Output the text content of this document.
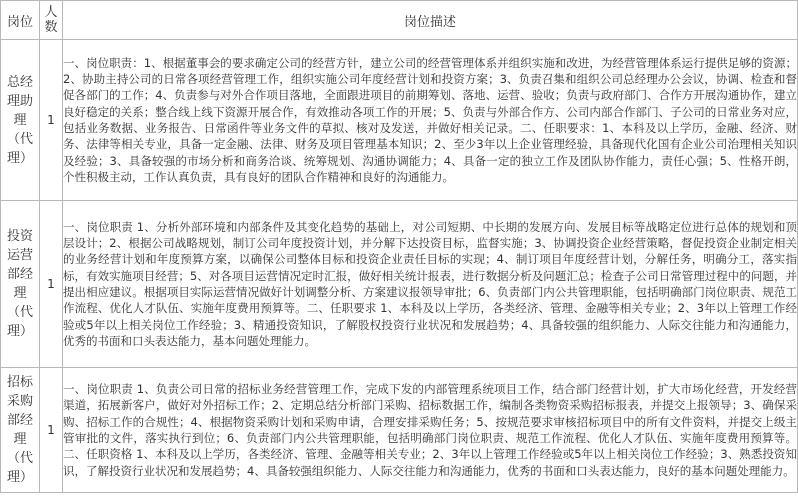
岗位	人数	岗位描述
总经理助理（代理）	1	一、岗位职责：1、根据董事会的要求确定公司的经营方针，建立公司的经营管理体系并组织实施和改进，为经营管理体系运行提供足够的资源；2、协助主持公司的日常各项经营管理工作，组织实施公司年度经营计划和投资方案；3、负责召集和组织公司总经理办公会议，协调、检查和督促各部门的工作；4、负责参与对外合作项目落地，全面跟进项目的前期筹划、落地、运营、验收；负责与政府部门、合作方开展沟通协作，建立良好稳定的关系；整合线上线下资源开展合作，有效推动各项工作的开展；5、负责与外部合作方、公司内部合作部门、子公司的日常业务对应，包括业务数据、业务报告、日常函件等业务文件的草拟、核对及发送，并做好相关记录。二、任职要求：1、本科及以上学历，金融、经济、财务、法律等相关专业，具备一定金融、法律、财务及项目管理基本知识；2、至少3年以上企业管理经验，具备现代化国有企业公司治理相关知识及经验；3、具备较强的市场分析和商务洽谈、统筹规划、沟通协调能力；4、具备一定的独立工作及团队协作能力，责任心强；5、性格开朗，个性积极主动，工作认真负责，具有良好的团队合作精神和良好的沟通能力。
投资运营部经理（代理）	1	一、岗位职责 1、分析外部环境和内部条件及其变化趋势的基础上，对公司短期、中长期的发展方向、发展目标等战略定位进行总体的规划和顶层设计；2、根据公司战略规划，制订公司年度投资计划，并分解下达投资目标，监督实施；3、协调投资企业经营策略，督促投资企业制定相关的业务经营计划和年度预算方案，以确保公司整体目标和投资企业责任目标的实现；4、制订项目年度经营计划，分解任务，明确分工，落实指标，有效实施项目经营；5、对各项目运营情况定时汇报，做好相关统计报表，进行数据分析及问题汇总；检查子公司日常管理过程中的问题，并提出相应建议。根据项目实际运营情况做好计划调整分析、方案建议报领导审批；6、负责部门内公共管理职能，包括明确部门岗位职责、规范工作流程、优化人才队伍、实施年度费用预算等。二、任职要求 1、本科及以上学历，各类经济、管理、金融等相关专业；2、3年以上管理工作经验或5年以上相关岗位工作经验；3、精通投资知识，了解股权投资行业状况和发展趋势；4、具备较强的组织能力、人际交往能力和沟通能力，优秀的书面和口头表达能力，基本问题处理能力。
招标采购部经理（代理）	1	一、岗位职责 1、负责公司日常的招标业务经营管理工作，完成下发的内部管理系统项目工作，结合部门经营计划，扩大市场化经营，开发经营渠道，拓展新客户，做好对外招标工作；2、定期总结分析部门采购、招标数据工作，编制各类物资采购招标报表，并提交上报领导；3、确保采购、招标工作的合规性；4、根据物资采购计划和采购申请，合理安排采购任务；5、按规范要求审核招标项目中的所有文件资料，并提交上级主管审批的文件，落实执行到位；6、负责部门内公共管理职能，包括明确部门岗位职责、规范工作流程、优化人才队伍、实施年度费用预算等。二、任职资格 1、本科及以上学历，各类经济、管理、金融等相关专业；2、3年以上管理工作经验或5年以上相关岗位工作经验；3、熟悉投资知识，了解投资行业状况和发展趋势；4、具备较强组织能力、人际交往能力和沟通能力，优秀的书面和口头表达能力，良好的基本问题处理能力。
